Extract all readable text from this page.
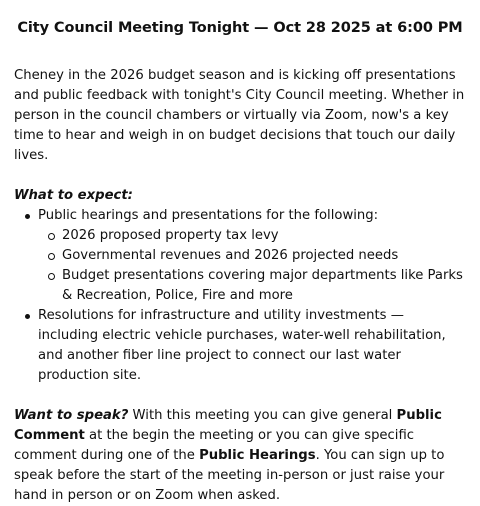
City Council Meeting Tonight — Oct 28 2025 at 6:00 PM

Cheney in the 2026 budget season and is kicking off presentations and public feedback with tonight's City Council meeting. Whether in person in the council chambers or virtually via Zoom, now's a key time to hear and weigh in on budget decisions that touch our daily lives.

What to expect:
Public hearings and presentations for the following:
2026 proposed property tax levy
Governmental revenues and 2026 projected needs
Budget presentations covering major departments like Parks & Recreation, Police, Fire and more
Resolutions for infrastructure and utility investments — including electric vehicle purchases, water-well rehabilitation, and another fiber line project to connect our last water production site.

Want to speak? With this meeting you can give general Public Comment at the begin the meeting or you can give specific comment during one of the Public Hearings. You can sign up to speak before the start of the meeting in-person or just raise your hand in person or on Zoom when asked.
